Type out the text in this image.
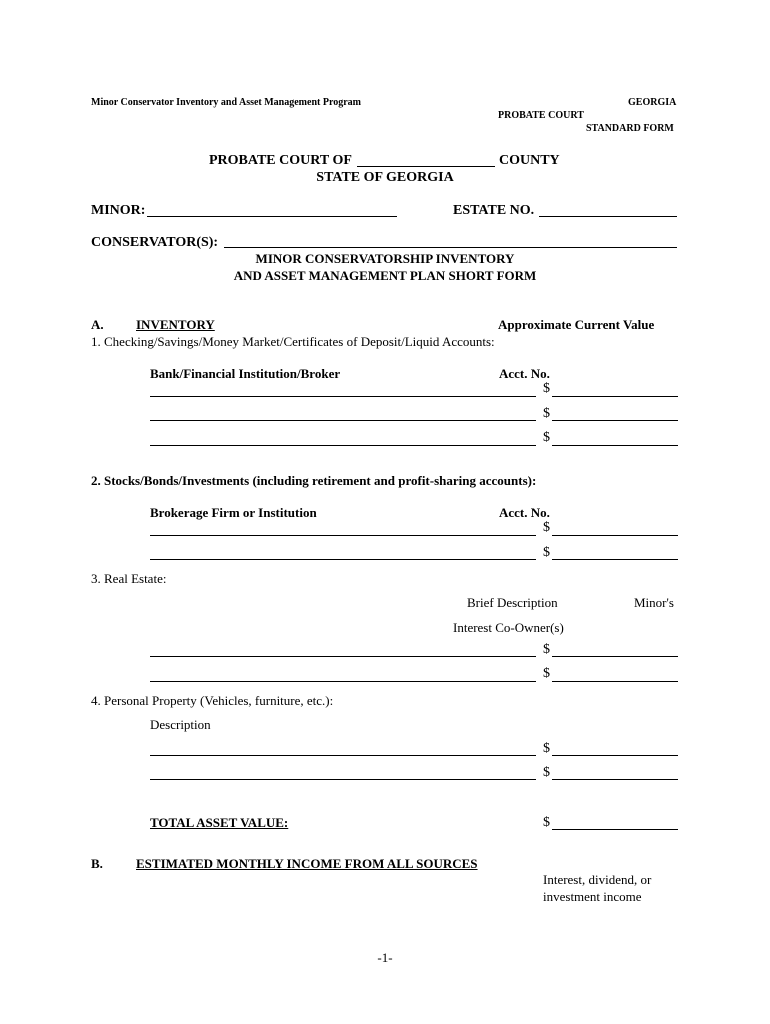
Minor Conservator Inventory and Asset Management Program	GEORGIA
PROBATE COURT
STANDARD FORM
PROBATE COURT OF	COUNTY
STATE OF GEORGIA
MINOR:	ESTATE NO.
CONSERVATOR(S):
MINOR CONSERVATORSHIP INVENTORY
AND ASSET MANAGEMENT PLAN SHORT FORM
A. INVENTORY	Approximate Current Value
1. Checking/Savings/Money Market/Certificates of Deposit/Liquid Accounts:
Bank/Financial Institution/Broker	Acct. No.
$
$
$
2. Stocks/Bonds/Investments (including retirement and profit-sharing accounts):
Brokerage Firm or Institution	Acct. No.
$
$
3. Real Estate:
Brief Description	Minor's
Interest Co-Owner(s)
$
$
4. Personal Property (Vehicles, furniture, etc.):
Description
$
$
TOTAL ASSET VALUE:	$
B.	ESTIMATED MONTHLY INCOME FROM ALL SOURCES
Interest, dividend, or
investment income
-1-
